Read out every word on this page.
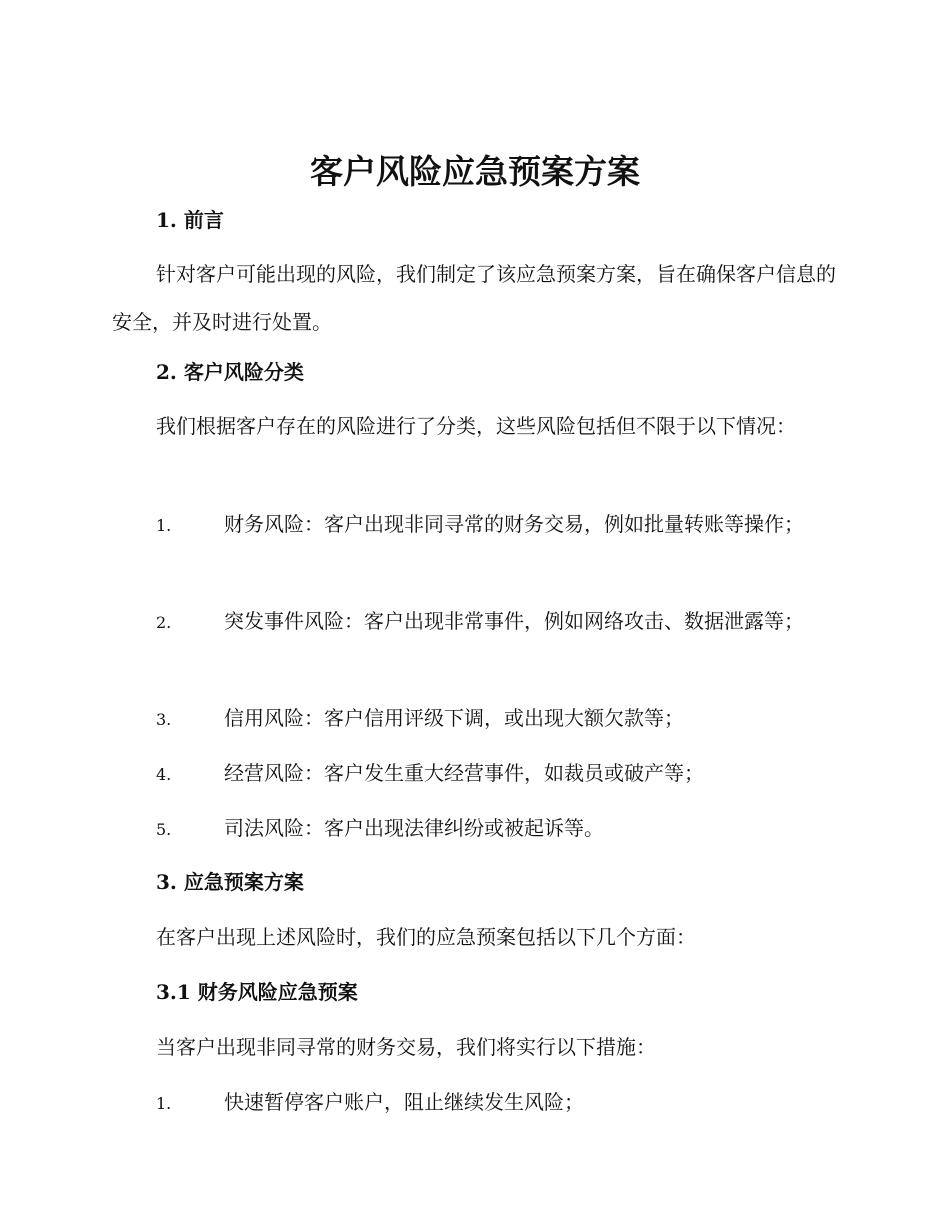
客户风险应急预案方案
1. 前言

针对客户可能出现的风险，我们制定了该应急预案方案，旨在确保客户信息的安全，并及时进行处置。

2. 客户风险分类

我们根据客户存在的风险进行了分类，这些风险包括但不限于以下情况：

1.	财务风险：客户出现非同寻常的财务交易，例如批量转账等操作；

2.	突发事件风险：客户出现非常事件，例如网络攻击、数据泄露等；

3.	信用风险：客户信用评级下调，或出现大额欠款等；

4.	经营风险：客户发生重大经营事件，如裁员或破产等；

5.	司法风险：客户出现法律纠纷或被起诉等。

3. 应急预案方案

在客户出现上述风险时，我们的应急预案包括以下几个方面：

3.1 财务风险应急预案

当客户出现非同寻常的财务交易，我们将实行以下措施：

1.	快速暂停客户账户，阻止继续发生风险；
